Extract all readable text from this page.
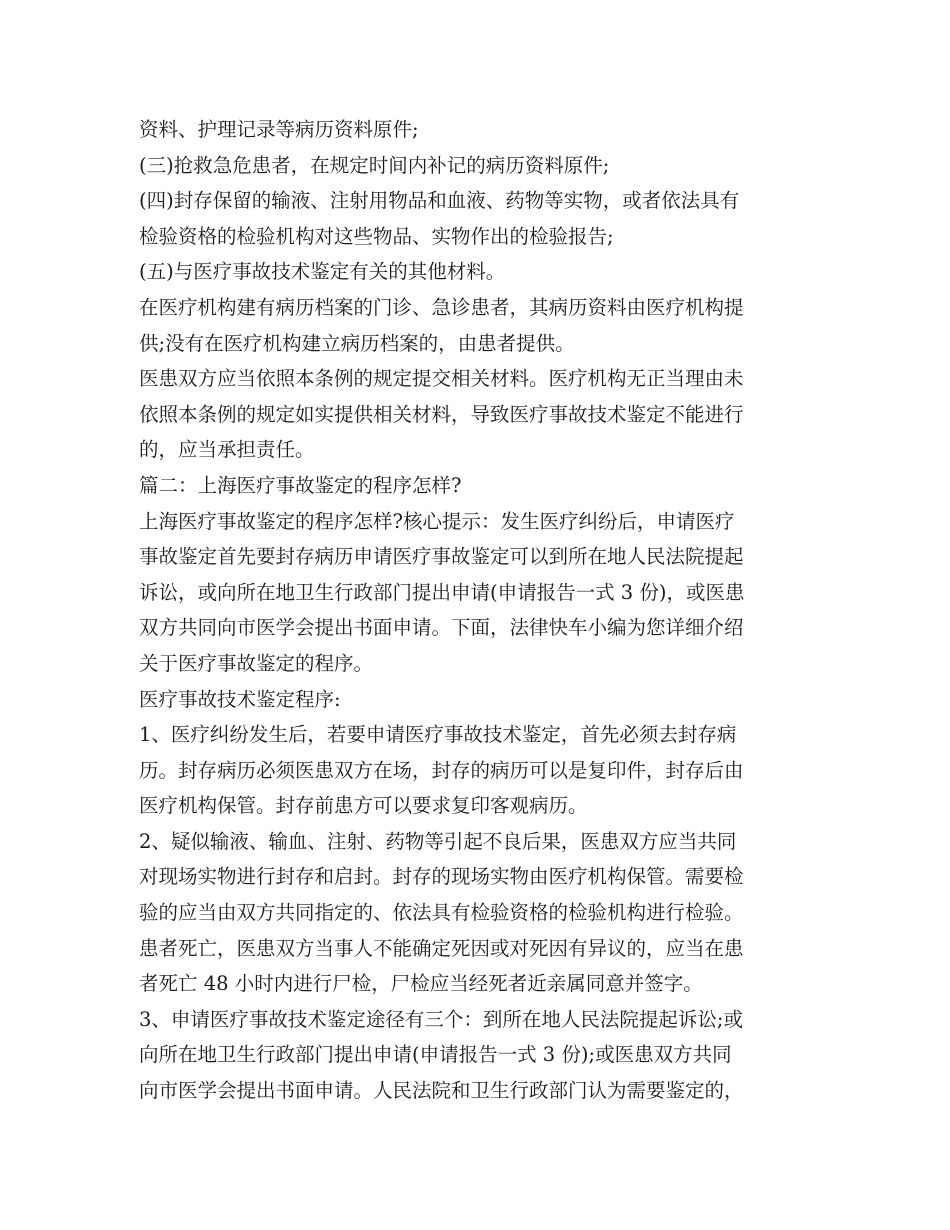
资料、护理记录等病历资料原件;
(三)抢救急危患者，在规定时间内补记的病历资料原件;
(四)封存保留的输液、注射用物品和血液、药物等实物，或者依法具有
检验资格的检验机构对这些物品、实物作出的检验报告;
(五)与医疗事故技术鉴定有关的其他材料。
在医疗机构建有病历档案的门诊、急诊患者，其病历资料由医疗机构提
供;没有在医疗机构建立病历档案的，由患者提供。
医患双方应当依照本条例的规定提交相关材料。医疗机构无正当理由未
依照本条例的规定如实提供相关材料，导致医疗事故技术鉴定不能进行
的，应当承担责任。
篇二：上海医疗事故鉴定的程序怎样?
上海医疗事故鉴定的程序怎样?核心提示：发生医疗纠纷后，申请医疗
事故鉴定首先要封存病历申请医疗事故鉴定可以到所在地人民法院提起
诉讼，或向所在地卫生行政部门提出申请(申请报告一式 3 份)，或医患
双方共同向市医学会提出书面申请。下面，法律快车小编为您详细介绍
关于医疗事故鉴定的程序。
医疗事故技术鉴定程序:
1、医疗纠纷发生后，若要申请医疗事故技术鉴定，首先必须去封存病
历。封存病历必须医患双方在场，封存的病历可以是复印件，封存后由
医疗机构保管。封存前患方可以要求复印客观病历。
2、疑似输液、输血、注射、药物等引起不良后果，医患双方应当共同
对现场实物进行封存和启封。封存的现场实物由医疗机构保管。需要检
验的应当由双方共同指定的、依法具有检验资格的检验机构进行检验。
患者死亡，医患双方当事人不能确定死因或对死因有异议的，应当在患
者死亡 48 小时内进行尸检，尸检应当经死者近亲属同意并签字。
3、申请医疗事故技术鉴定途径有三个：到所在地人民法院提起诉讼;或
向所在地卫生行政部门提出申请(申请报告一式 3 份);或医患双方共同
向市医学会提出书面申请。人民法院和卫生行政部门认为需要鉴定的，
